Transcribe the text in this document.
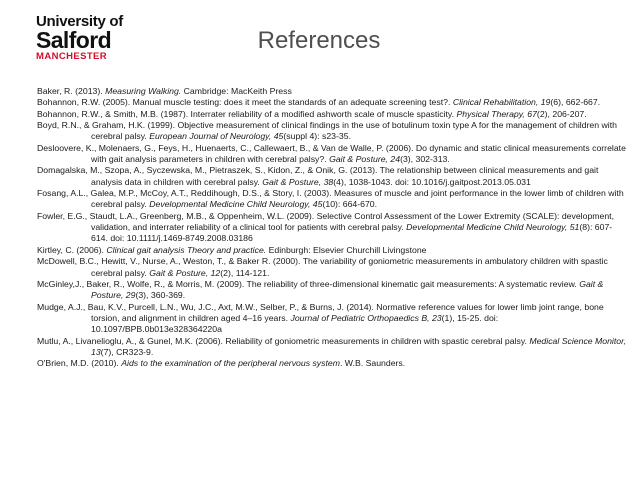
University of
Salford
MANCHESTER
References
Baker, R. (2013). Measuring Walking. Cambridge: MacKeith Press
Bohannon, R.W. (2005). Manual muscle testing: does it meet the standards of an adequate screening test?. Clinical Rehabilitation, 19(6), 662-667.
Bohannon, R.W., & Smith, M.B. (1987). Interrater reliability of a modified ashworth scale of muscle spasticity. Physical Therapy, 67(2), 206-207.
Boyd, R.N., & Graham, H.K. (1999). Objective measurement of clinical findings in the use of botulinum toxin type A for the management of children with cerebral palsy. European Journal of Neurology, 45(suppl 4): s23-35.
Desloovere, K., Molenaers, G., Feys, H., Huenaerts, C., Callewaert, B., & Van de Walle, P. (2006). Do dynamic and static clinical measurements correlate with gait analysis parameters in children with cerebral palsy?. Gait & Posture, 24(3), 302-313.
Domagalska, M., Szopa, A., Syczewska, M., Pietraszek, S., Kidon, Z., & Onik, G. (2013). The relationship between clinical measurements and gait analysis data in children with cerebral palsy. Gait & Posture, 38(4), 1038-1043. doi: 10.1016/j.gaitpost.2013.05.031
Fosang, A.L., Galea, M.P., McCoy, A.T., Reddihough, D.S., & Story, I. (2003). Measures of muscle and joint performance in the lower limb of children with cerebral palsy. Developmental Medicine Child Neurology, 45(10): 664-670.
Fowler, E.G., Staudt, L.A., Greenberg, M.B., & Oppenheim, W.L. (2009). Selective Control Assessment of the Lower Extremity (SCALE): development, validation, and interrater reliability of a clinical tool for patients with cerebral palsy. Developmental Medicine Child Neurology, 51(8): 607-614. doi: 10.1111/j.1469-8749.2008.03186
Kirtley, C. (2006). Clinical gait analysis Theory and practice. Edinburgh: Elsevier Churchill Livingstone
McDowell, B.C., Hewitt, V., Nurse, A., Weston, T., & Baker R. (2000). The variability of goniometric measurements in ambulatory children with spastic cerebral palsy. Gait & Posture, 12(2), 114-121.
McGinley,J., Baker, R., Wolfe, R., & Morris, M. (2009). The reliability of three-dimensional kinematic gait measurements: A systematic review. Gait & Posture, 29(3), 360-369.
Mudge, A.J., Bau, K.V., Purcell, L.N., Wu, J.C., Axt, M.W., Selber, P., & Burns, J. (2014). Normative reference values for lower limb joint range, bone torsion, and alignment in children aged 4–16 years. Journal of Pediatric Orthopaedics B, 23(1), 15-25. doi: 10.1097/BPB.0b013e328364220a
Mutlu, A., Livanelioglu, A., & Gunel, M.K. (2006). Reliability of goniometric measurements in children with spastic cerebral palsy. Medical Science Monitor, 13(7), CR323-9.
O'Brien, M.D. (2010). Aids to the examination of the peripheral nervous system. W.B. Saunders.
